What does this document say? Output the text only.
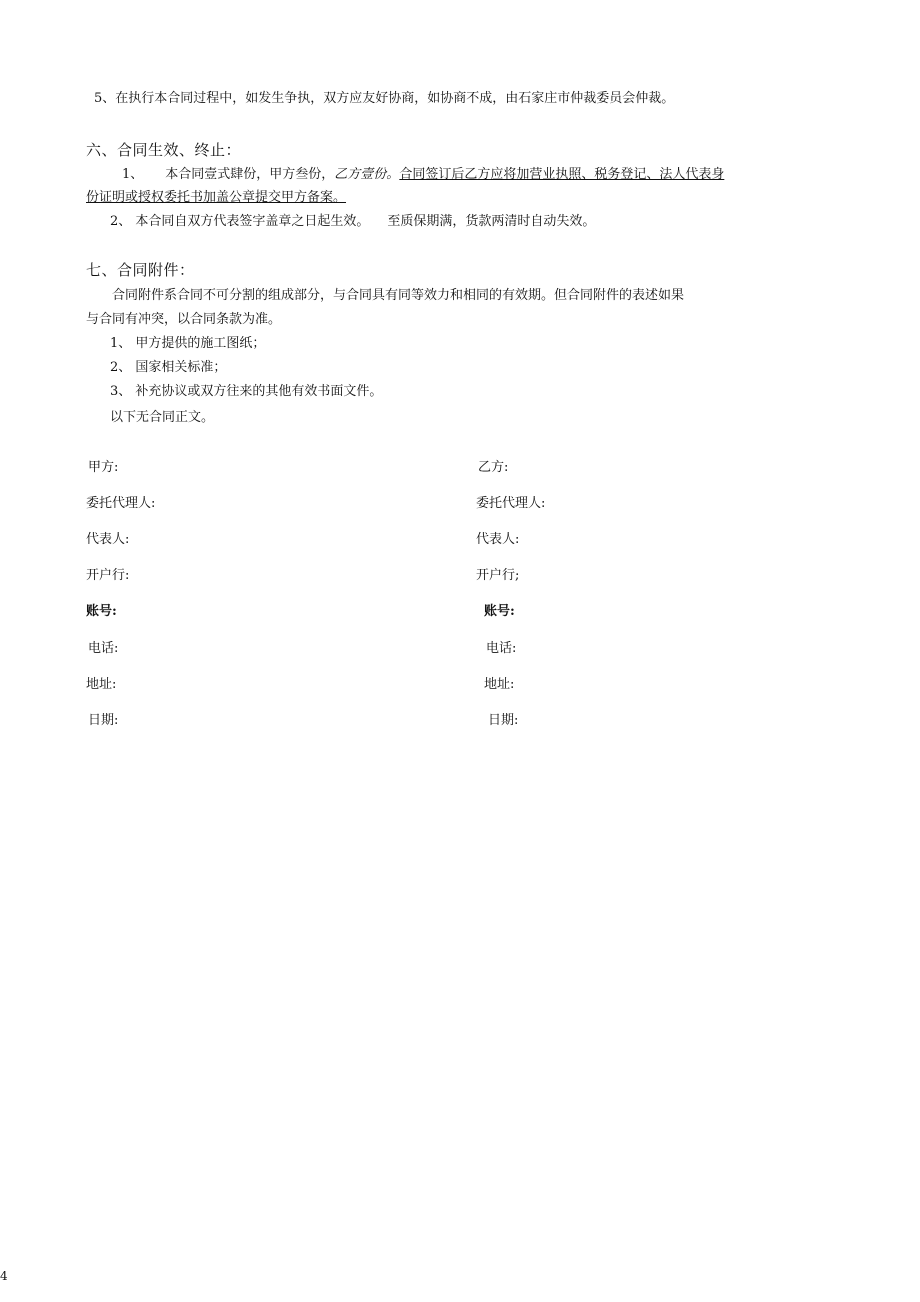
5、在执行本合同过程中，如发生争执，双方应友好协商，如协商不成，由石家庄市仲裁委员会仲裁。
六、合同生效、终止：
1、 本合同壹式肆份，甲方叁份，乙方壹份。合同签订后乙方应将加营业执照、税务登记、法人代表身
份证明或授权委托书加盖公章提交甲方备案。
2、 本合同自双方代表签字盖章之日起生效。 至质保期满，货款两清时自动失效。
七、合同附件：
合同附件系合同不可分割的组成部分，与合同具有同等效力和相同的有效期。但合同附件的表述如果
与合同有冲突，以合同条款为准。
1、 甲方提供的施工图纸；
2、 国家相关标准；
3、 补充协议或双方往来的其他有效书面文件。
以下无合同正文。
甲方:
委托代理人:
代表人:
开户行:
账号:
电话:
地址:
日期:
乙方:
委托代理人:
代表人:
开户行;
账号:
电话:
地址:
日期:
4
